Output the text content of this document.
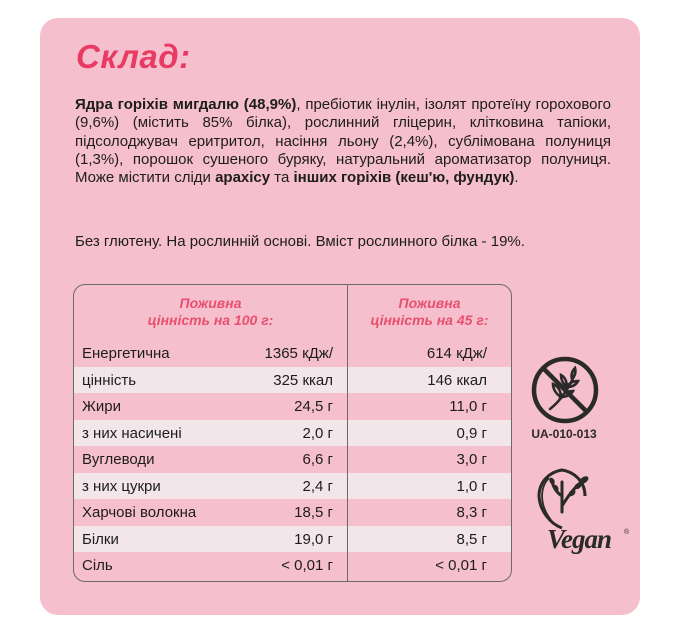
Склад:

Ядра горіхів мигдалю (48,9%), пребіотик інулін, ізолят протеїну горохового (9,6%) (містить 85% білка), рослинний гліцерин, клітковина тапіоки, підсолоджувач еритритол, насіння льону (2,4%), сублімована полуниця (1,3%), порошок сушеного буряку, натуральний ароматизатор полуниця. Може містити сліди арахісу та інших горіхів (кеш'ю, фундук).

Без глютену. На рослинній основі. Вміст рослинного білка - 19%.

Поживна
цінність на 100 г:
Поживна
цінність на 45 г:
Енергетична	1365 кДж/	614 кДж/
цінність	325 ккал	146 ккал
Жири	24,5 г	11,0 г
з них насичені	2,0 г	0,9 г
Вуглеводи	6,6 г	3,0 г
з них цукри	2,4 г	1,0 г
Харчові волокна	18,5 г	8,3 г
Білки	19,0 г	8,5 г
Сіль	< 0,01 г	< 0,01 г
UA-010-013
Vegan ®
